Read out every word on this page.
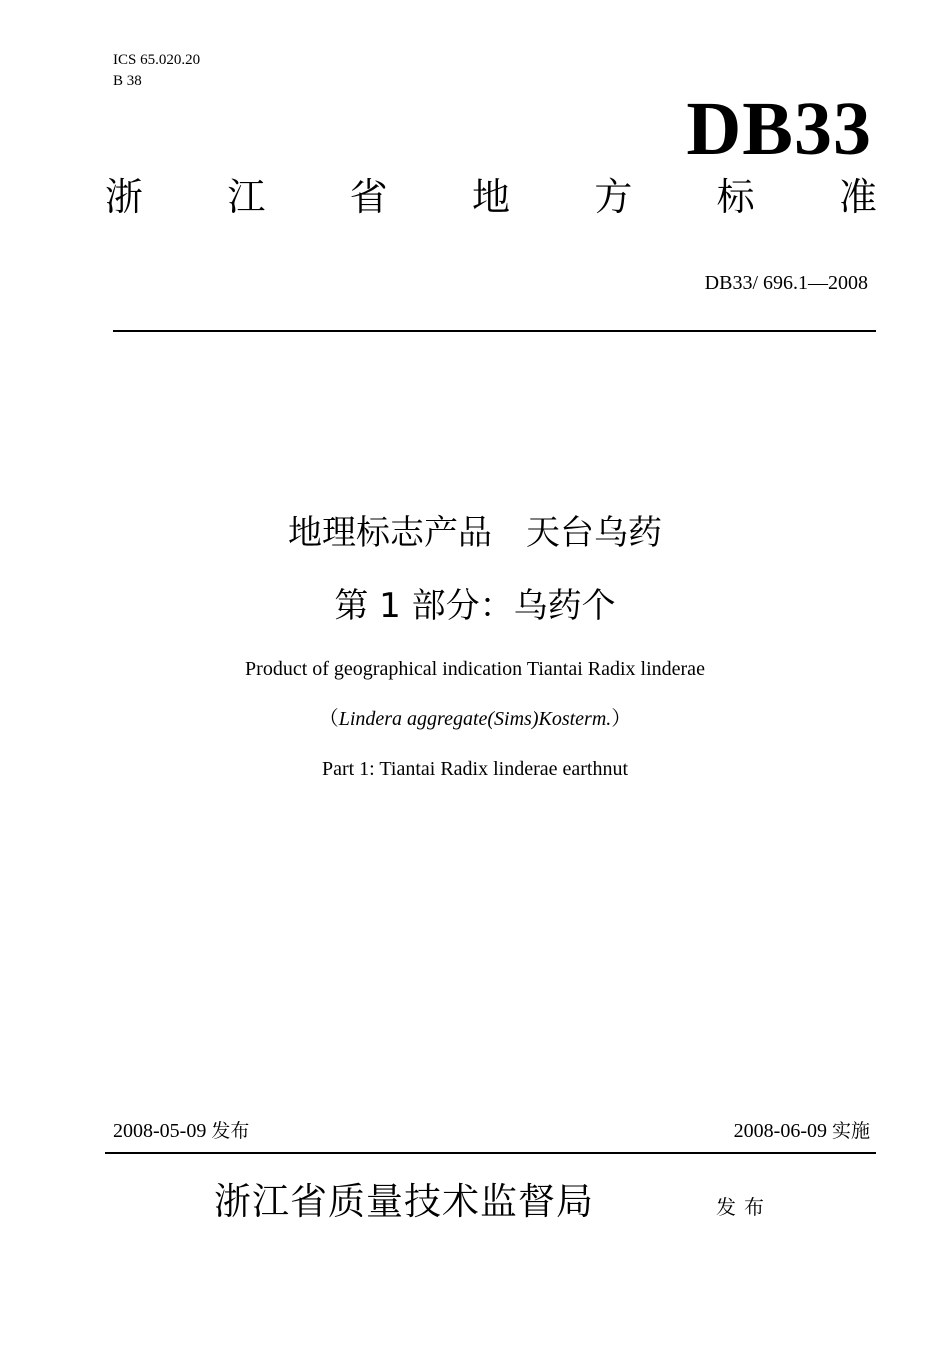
ICS 65.020.20
B 38
DB33
浙 江 省 地 方 标 准
DB33/ 696.1—2008
地理标志产品　天台乌药
第 1 部分：乌药个
Product of geographical indication Tiantai Radix linderae
（Lindera aggregate(Sims)Kosterm.）
Part 1: Tiantai Radix linderae earthnut
2008-05-09 发布	2008-06-09 实施
浙江省质量技术监督局	发布
